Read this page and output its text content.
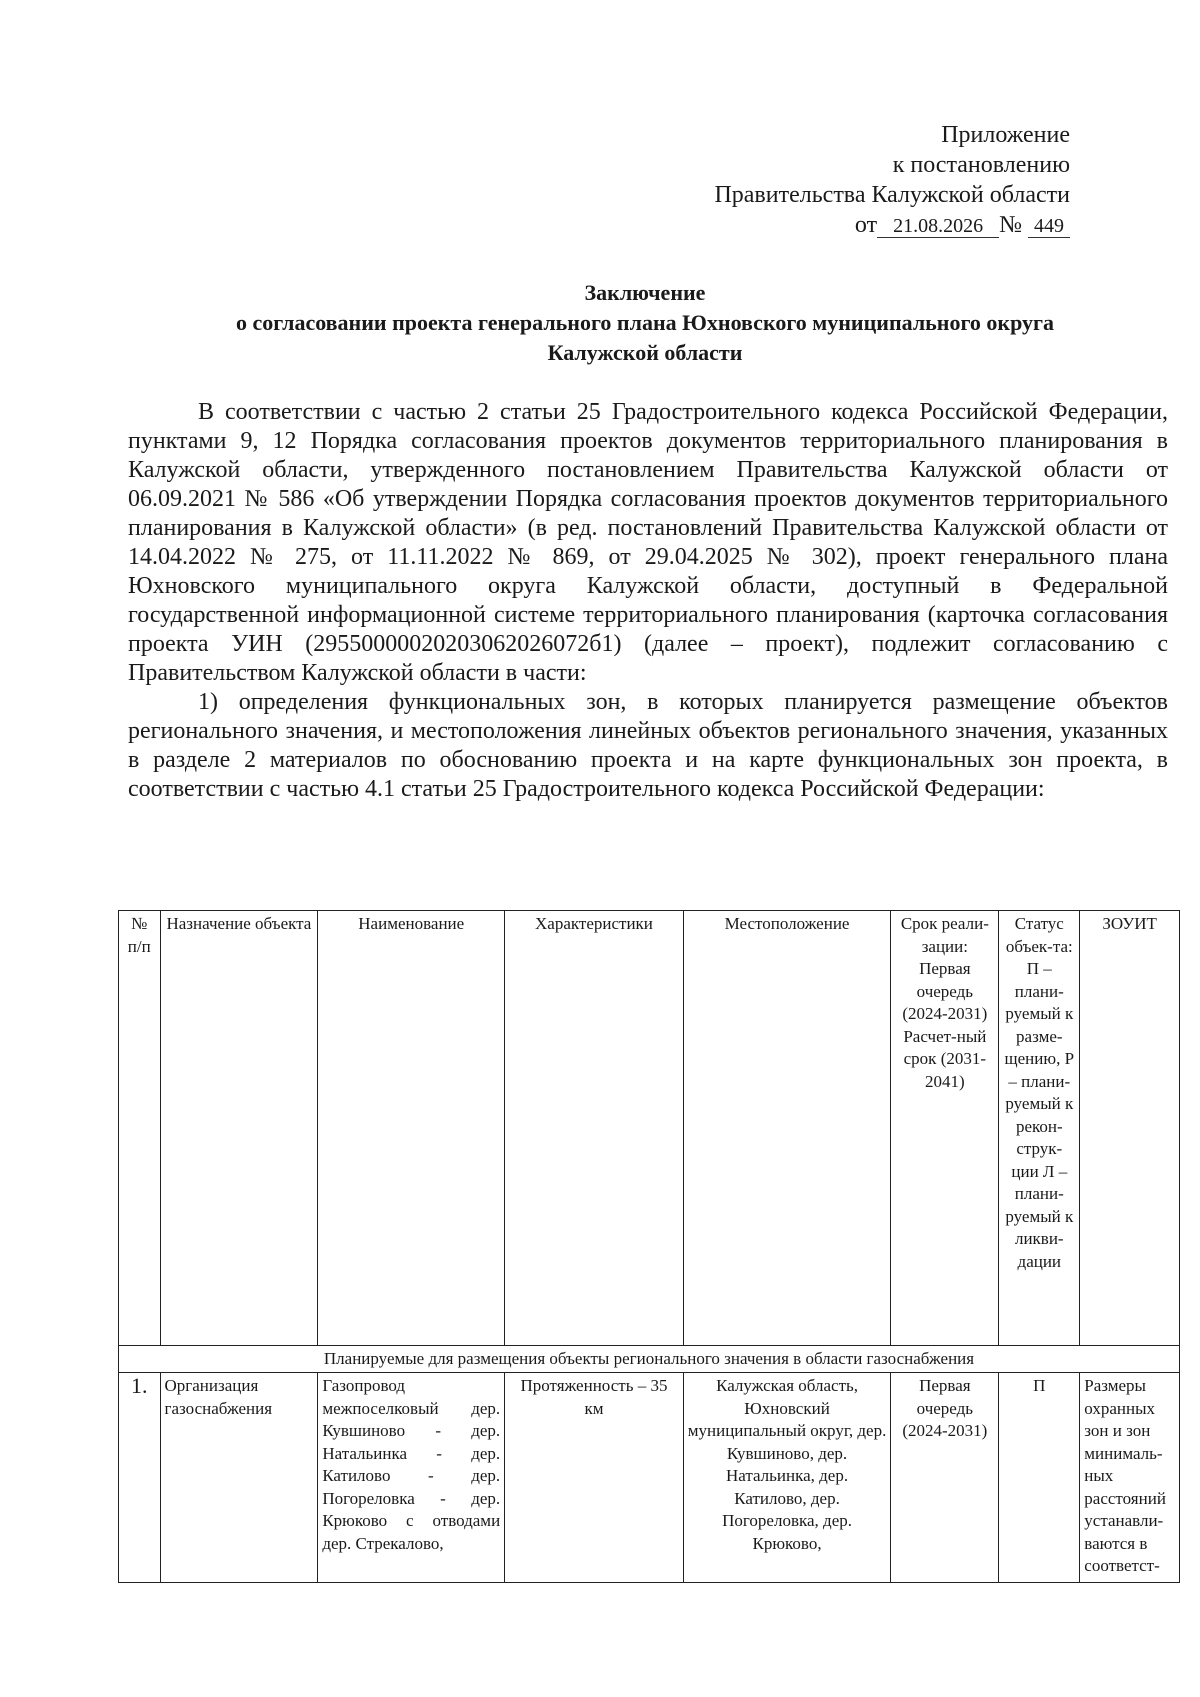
Приложение
к постановлению
Правительства Калужской области
от 21.08.2026 № 449
Заключение
о согласовании проекта генерального плана Юхновского муниципального округа
Калужской области

В соответствии с частью 2 статьи 25 Градостроительного кодекса Российской Федерации, пунктами 9, 12 Порядка согласования проектов документов территориального планирования в Калужской области, утвержденного постановлением Правительства Калужской области от 06.09.2021 № 586 «Об утверждении Порядка согласования проектов документов территориального планирования в Калужской области» (в ред. постановлений Правительства Калужской области от 14.04.2022 № 275, от 11.11.2022 № 869, от 29.04.2025 № 302), проект генерального плана Юхновского муниципального округа Калужской области, доступный в Федеральной государственной информационной системе территориального планирования (карточка согласования проекта УИН (29550000020203062026072б1) (далее – проект), подлежит согласованию с Правительством Калужской области в части:

1) определения функциональных зон, в которых планируется размещение объектов регионального значения, и местоположения линейных объектов регионального значения, указанных в разделе 2 материалов по обоснованию проекта и на карте функциональных зон проекта, в соответствии с частью 4.1 статьи 25 Градостроительного кодекса Российской Федерации:

№ п/п	Назначение объекта	Наименование	Характеристики	Местоположение	Срок реали-зации: Первая очередь (2024-2031) Расчет-ный срок (2031-2041)	Статус объек-та: П – плани-руемый к разме-щению, Р – плани-руемый к рекон-струк-ции Л – плани-руемый к ликви-дации	ЗОУИТ
Планируемые для размещения объекты регионального значения в области газоснабжения							
1.	Организация газоснабжения	Газопровод межпоселковый дер. Кувшиново - дер. Натальинка - дер. Катилово - дер. Погореловка - дер. Крюково с отводами дер. Стрекалово,	Протяженность – 35 км	Калужская область, Юхновский муниципальный округ, дер. Кувшиново, дер. Натальинка, дер. Катилово, дер. Погореловка, дер. Крюково,	Первая очередь (2024-2031)	П	Размеры охранных зон и зон минималь-ных расстояний устанавли-ваются в соответст-
